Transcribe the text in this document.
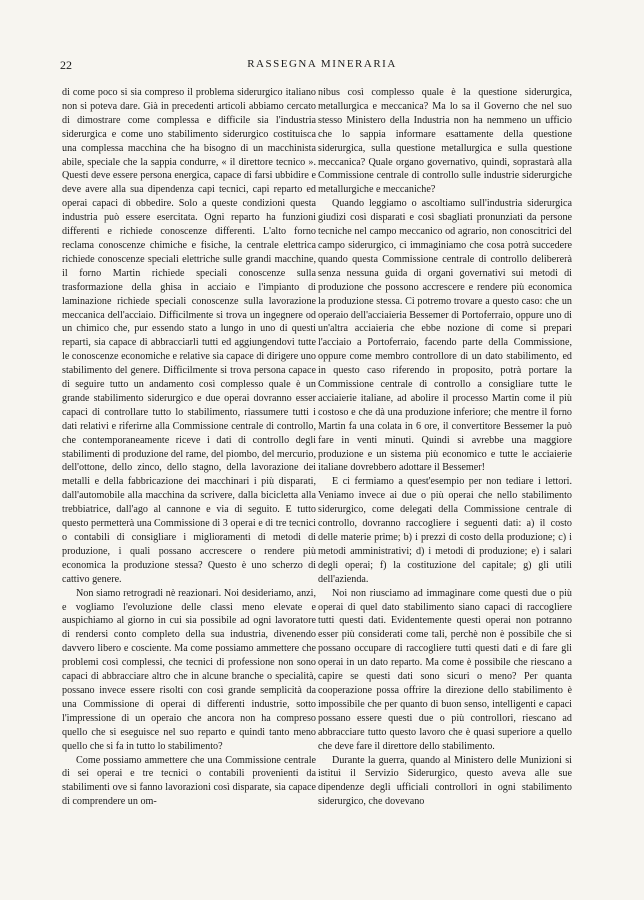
22	RASSEGNA MINERARIA

di come poco si sia compreso il problema siderurgico italiano non si poteva dare. Già in precedenti articoli abbiamo cercato di dimostrare come complessa e difficile sia l'industria siderurgica e come uno stabilimento siderurgico costituisca una complessa macchina che ha bisogno di un macchinista abile, speciale che la sappia condurre, « il direttore tecnico ». Questi deve essere persona energica, capace di farsi ubbidire e deve avere alla sua dipendenza capi tecnici, capi reparto ed operai capaci di obbedire. Solo a queste condizioni questa industria può essere esercitata. Ogni reparto ha funzioni differenti e richiede conoscenze differenti. L'alto forno reclama conoscenze chimiche e fisiche, la centrale elettrica richiede conoscenze speciali elettriche sulle grandi macchine, il forno Martin richiede speciali conoscenze sulla trasformazione della ghisa in acciaio e l'impianto di laminazione richiede speciali conoscenze sulla lavorazione meccanica dell'acciaio. Difficilmente si trova un ingegnere od un chimico che, pur essendo stato a lungo in uno di questi reparti, sia capace di abbracciarli tutti ed aggiungendovi tutte le conoscenze economiche e relative sia capace di dirigere uno stabilimento del genere. Difficilmente si trova persona capace di seguire tutto un andamento così complesso quale è un grande stabilimento siderurgico e due operai dovranno esser capaci di controllare tutto lo stabilimento, riassumere tutti i dati relativi e riferirne alla Commissione centrale di controllo, che contemporaneamente riceve i dati di controllo degli stabilimenti di produzione del rame, del piombo, del mercurio, dell'ottone, dello zinco, dello stagno, della lavorazione dei metalli e della fabbricazione dei macchinari i più disparati, dall'automobile alla macchina da scrivere, dalla bicicletta alla trebbiatrice, dall'ago al cannone e via di seguito. E tutto questo permetterà una Commissione di 3 operai e di tre tecnici o contabili di consigliare i miglioramenti di metodi di produzione, i quali possano accrescere o rendere più economica la produzione stessa? Questo è uno scherzo di cattivo genere.

Non siamo retrogradi nè reazionari. Noi desideriamo, anzi, e vogliamo l'evoluzione delle classi meno elevate e auspichiamo al giorno in cui sia possibile ad ogni lavoratore di rendersi conto completo della sua industria, divenendo davvero libero e cosciente. Ma come possiamo ammettere che problemi così complessi, che tecnici di professione non sono capaci di abbracciare altro che in alcune branche o specialità, possano invece essere risolti con così grande semplicità da una Commissione di operai di differenti industrie, sotto l'impressione di un operaio che ancora non ha compreso quello che si eseguisce nel suo reparto e quindi tanto meno quello che si fa in tutto lo stabilimento?

Come possiamo ammettere che una Commissione centrale di sei operai e tre tecnici o contabili provenienti da stabilimenti ove si fanno lavorazioni così disparate, sia capace di comprendere un om-

nibus così complesso quale è la questione siderurgica, metallurgica e meccanica? Ma lo sa il Governo che nel suo stesso Ministero della Industria non ha nemmeno un ufficio che lo sappia informare esattamente della questione siderurgica, sulla questione metallurgica e sulla questione meccanica? Quale organo governativo, quindi, soprastarà alla Commissione centrale di controllo sulle industrie siderurgiche metallurgiche e meccaniche?

Quando leggiamo o ascoltiamo sull'industria siderurgica giudizi così disparati e così sbagliati pronunziati da persone tecniche nel campo meccanico od agrario, non conoscitrici del campo siderurgico, ci immaginiamo che cosa potrà succedere quando questa Commissione centrale di controllo delibererà senza nessuna guida di organi governativi sui metodi di produzione che possono accrescere e rendere più economica la produzione stessa. Ci potremo trovare a questo caso: che un operaio dell'acciaieria Bessemer di Portoferraio, oppure uno di un'altra acciaieria che ebbe nozione di come si prepari l'acciaio a Portoferraio, facendo parte della Commissione, oppure come membro controllore di un dato stabilimento, ed in questo caso riferendo in proposito, potrà portare la Commissione centrale di controllo a consigliare tutte le acciaierie italiane, ad abolire il processo Martin come il più costoso e che dà una produzione inferiore; che mentre il forno Martin fa una colata in 6 ore, il convertitore Bessemer la può fare in venti minuti. Quindi si avrebbe una maggiore produzione e un sistema più economico e tutte le acciaierie italiane dovrebbero adottare il Bessemer!

E ci fermiamo a quest'esempio per non tediare i lettori. Veniamo invece ai due o più operai che nello stabilimento siderurgico, come delegati della Commissione centrale di controllo, dovranno raccogliere i seguenti dati: a) il costo delle materie prime; b) i prezzi di costo della produzione; c) i metodi amministrativi; d) i metodi di produzione; e) i salari degli operai; f) la costituzione del capitale; g) gli utili dell'azienda.

Noi non riusciamo ad immaginare come questi due o più operai di quel dato stabilimento siano capaci di raccogliere tutti questi dati. Evidentemente questi operai non potranno esser più considerati come tali, perchè non è possibile che si possano occupare di raccogliere tutti questi dati e di fare gli operai in un dato reparto. Ma come è possibile che riescano a capire se questi dati sono sicuri o meno? Per quanta cooperazione possa offrire la direzione dello stabilimento è impossibile che per quanto di buon senso, intelligenti e capaci possano essere questi due o più controllori, riescano ad abbracciare tutto questo lavoro che è quasi superiore a quello che deve fare il direttore dello stabilimento.

Durante la guerra, quando al Ministero delle Munizioni si istituì il Servizio Siderurgico, questo aveva alle sue dipendenze degli ufficiali controllori in ogni stabilimento siderurgico, che dovevano
